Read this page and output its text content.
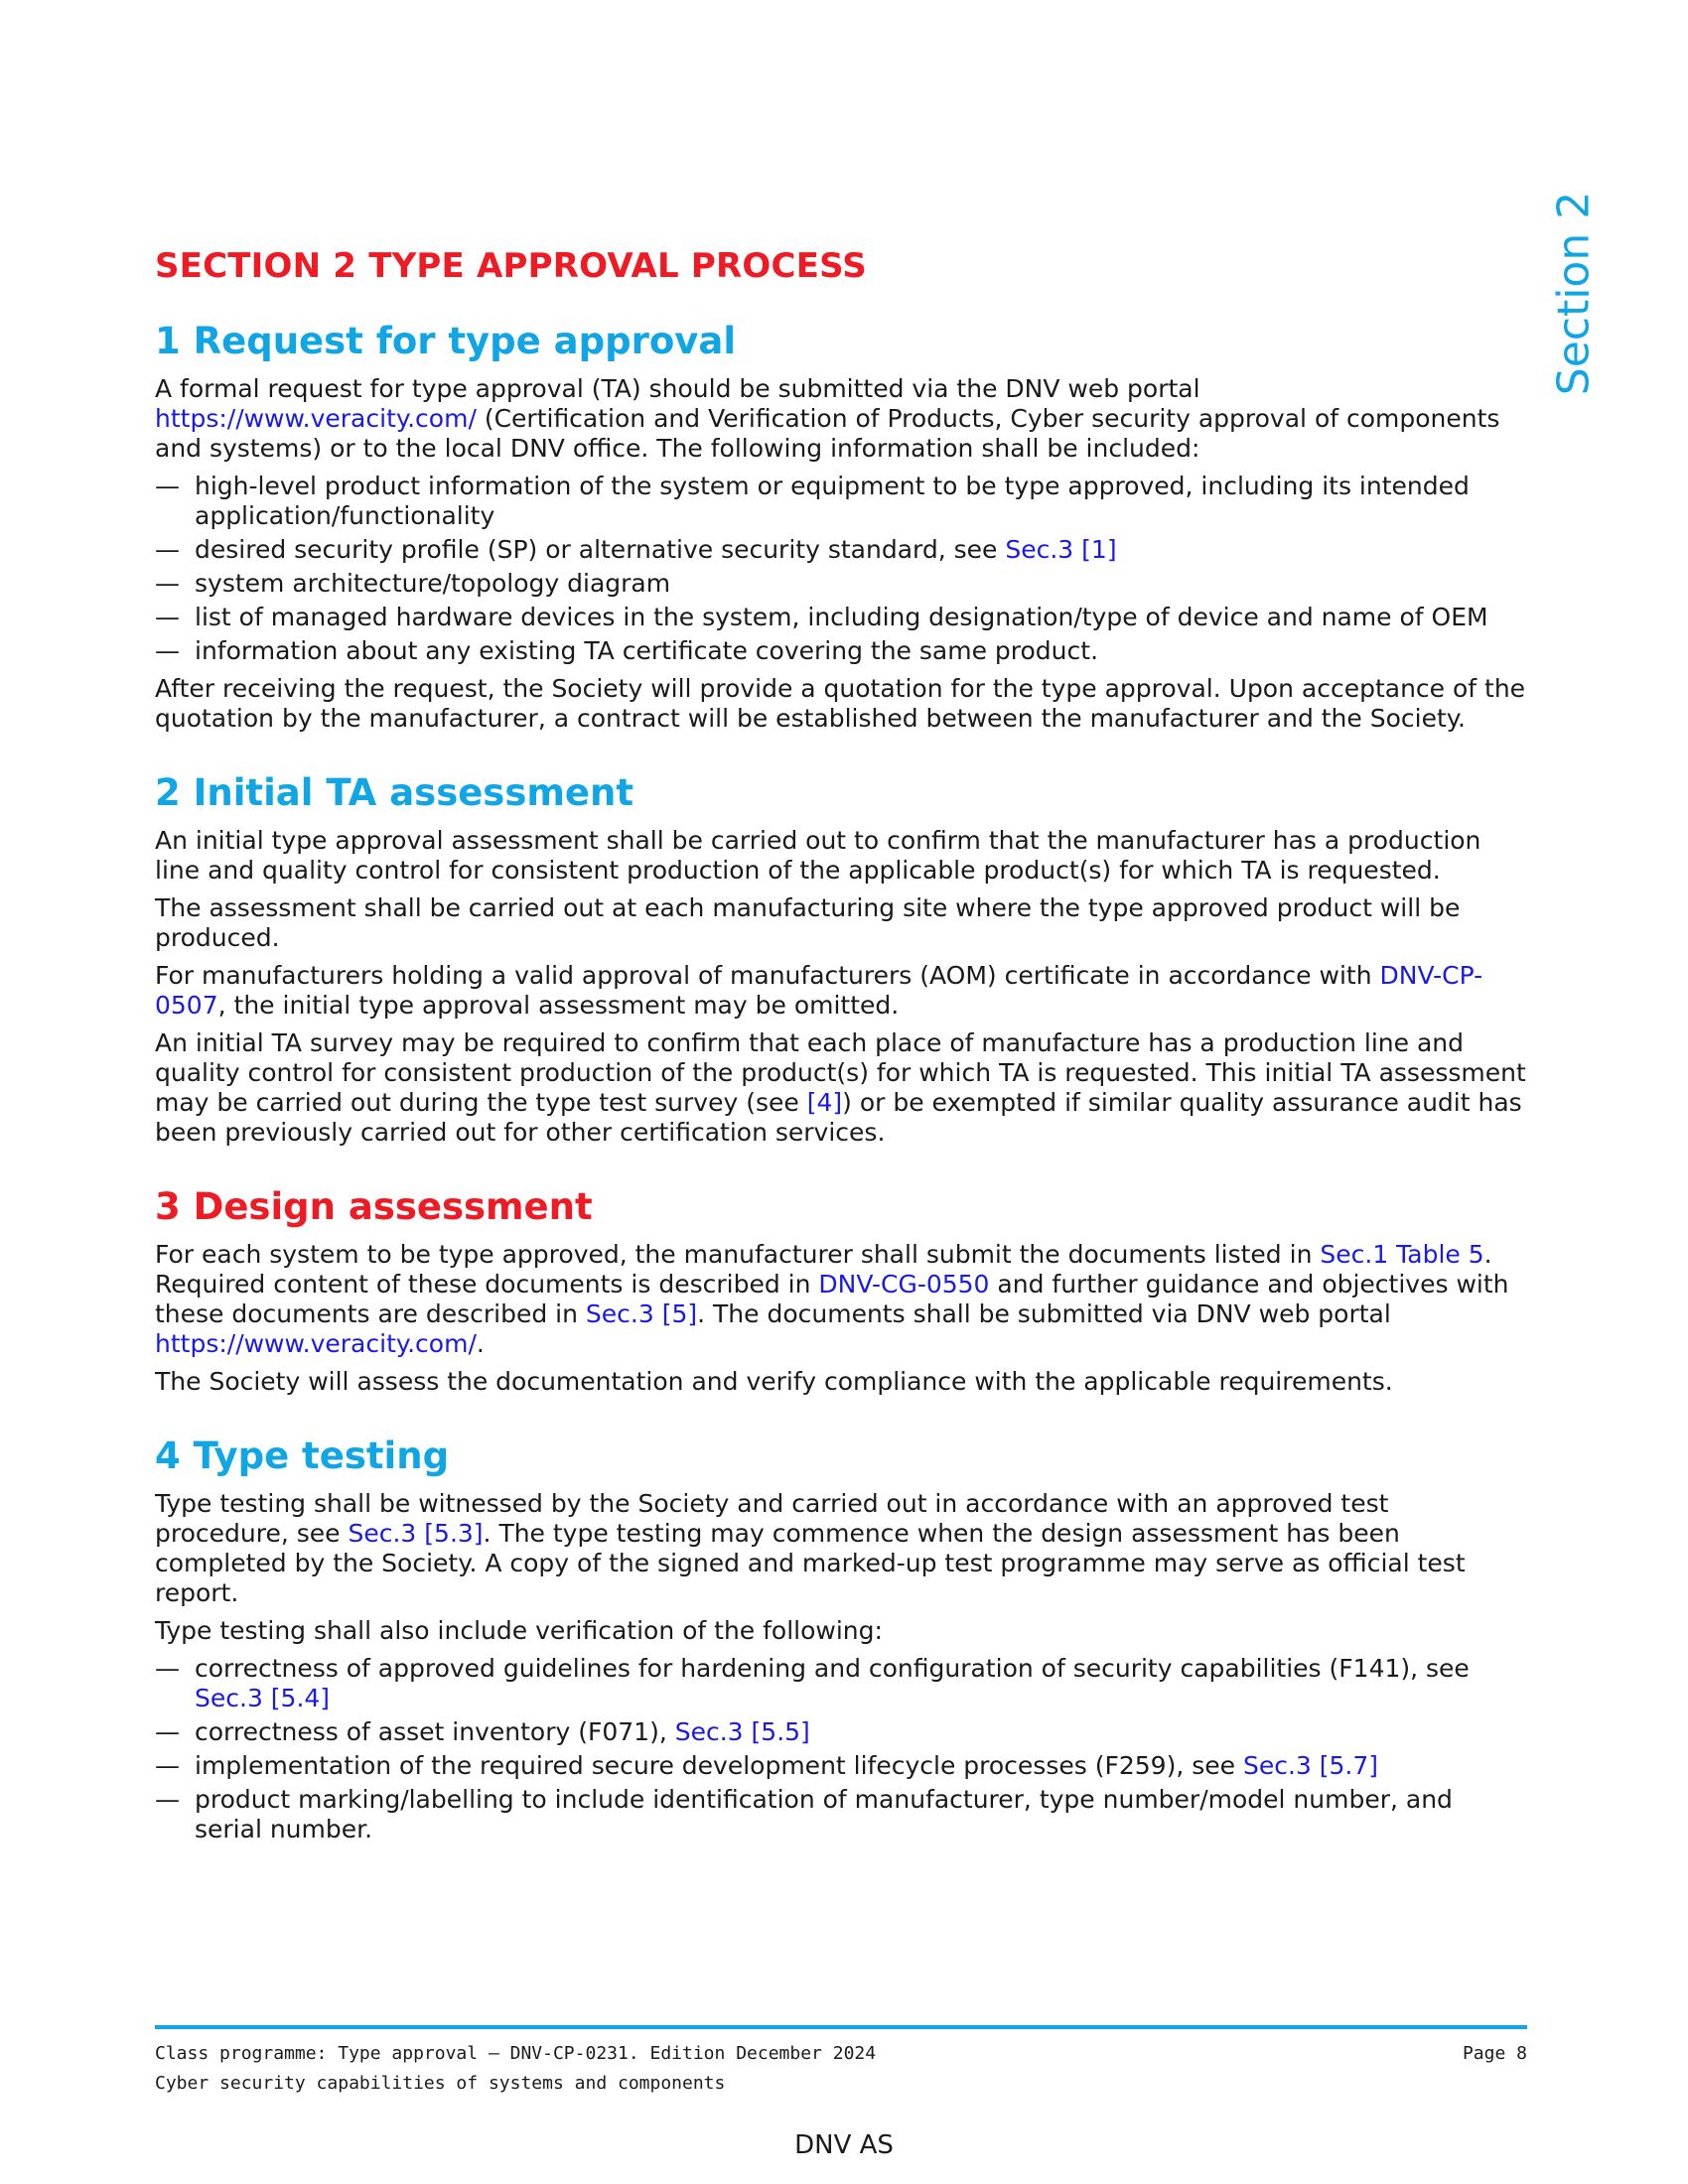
Section 2
SECTION 2 TYPE APPROVAL PROCESS
1 Request for type approval

A formal request for type approval (TA) should be submitted via the DNV web portal https://www.veracity.com/ (Certification and Verification of Products, Cyber security approval of components and systems) or to the local DNV office. The following information shall be included:

— high-level product information of the system or equipment to be type approved, including its intended application/functionality
— desired security profile (SP) or alternative security standard, see Sec.3 [1]
— system architecture/topology diagram
— list of managed hardware devices in the system, including designation/type of device and name of OEM
— information about any existing TA certificate covering the same product.

After receiving the request, the Society will provide a quotation for the type approval. Upon acceptance of the quotation by the manufacturer, a contract will be established between the manufacturer and the Society.

2 Initial TA assessment

An initial type approval assessment shall be carried out to confirm that the manufacturer has a production line and quality control for consistent production of the applicable product(s) for which TA is requested.

The assessment shall be carried out at each manufacturing site where the type approved product will be produced.

For manufacturers holding a valid approval of manufacturers (AOM) certificate in accordance with DNV-CP-0507, the initial type approval assessment may be omitted.

An initial TA survey may be required to confirm that each place of manufacture has a production line and quality control for consistent production of the product(s) for which TA is requested. This initial TA assessment may be carried out during the type test survey (see [4]) or be exempted if similar quality assurance audit has been previously carried out for other certification services.

3 Design assessment

For each system to be type approved, the manufacturer shall submit the documents listed in Sec.1 Table 5. Required content of these documents is described in DNV-CG-0550 and further guidance and objectives with these documents are described in Sec.3 [5]. The documents shall be submitted via DNV web portal https://www.veracity.com/.

The Society will assess the documentation and verify compliance with the applicable requirements.

4 Type testing

Type testing shall be witnessed by the Society and carried out in accordance with an approved test procedure, see Sec.3 [5.3]. The type testing may commence when the design assessment has been completed by the Society. A copy of the signed and marked-up test programme may serve as official test report.

Type testing shall also include verification of the following:

— correctness of approved guidelines for hardening and configuration of security capabilities (F141), see Sec.3 [5.4]
— correctness of asset inventory (F071), Sec.3 [5.5]
— implementation of the required secure development lifecycle processes (F259), see Sec.3 [5.7]
— product marking/labelling to include identification of manufacturer, type number/model number, and serial number.
Class programme: Type approval — DNV-CP-0231. Edition December 2024	Page 8
Cyber security capabilities of systems and components
DNV AS
